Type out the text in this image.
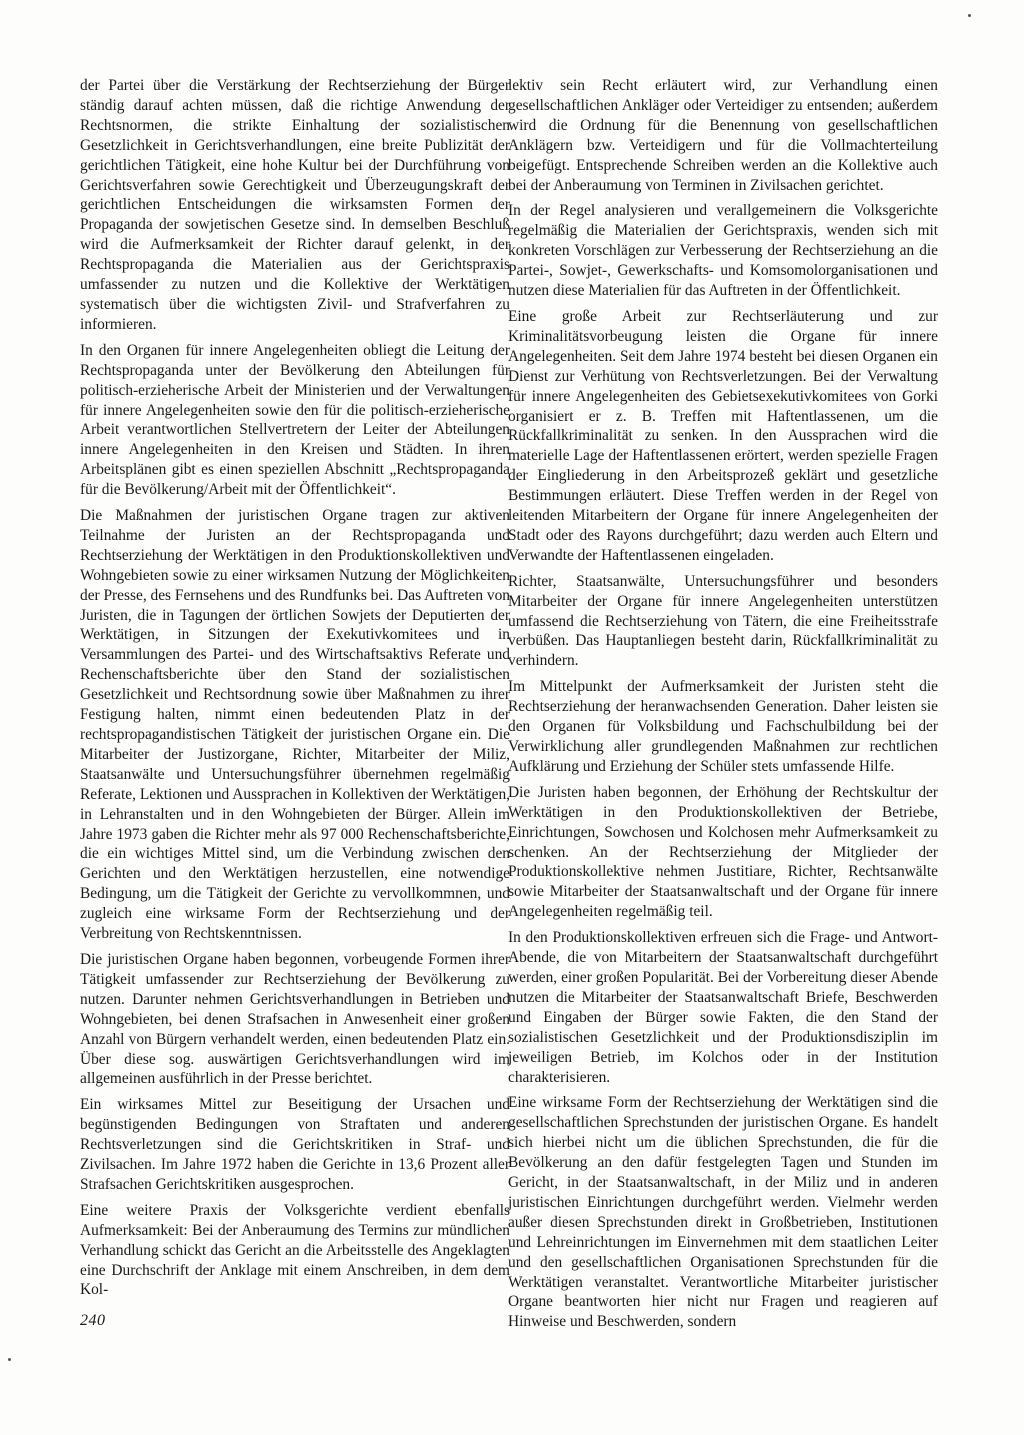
der Partei über die Verstärkung der Rechtserziehung der Bürger ständig darauf achten müssen, daß die richtige Anwendung der Rechtsnormen, die strikte Einhaltung der sozialistischen Gesetzlichkeit in Gerichtsverhandlungen, eine breite Publizität der gerichtlichen Tätigkeit, eine hohe Kultur bei der Durchführung von Gerichtsverfahren sowie Gerechtigkeit und Überzeugungskraft der gerichtlichen Entscheidungen die wirksamsten Formen der Propaganda der sowjetischen Gesetze sind. In demselben Beschluß wird die Aufmerksamkeit der Richter darauf gelenkt, in der Rechtspropaganda die Materialien aus der Gerichtspraxis umfassender zu nutzen und die Kollektive der Werktätigen systematisch über die wichtigsten Zivil- und Strafverfahren zu informieren.

In den Organen für innere Angelegenheiten obliegt die Leitung der Rechtspropaganda unter der Bevölkerung den Abteilungen für politisch-erzieherische Arbeit der Ministerien und der Verwaltungen für innere Angelegenheiten sowie den für die politisch-erzieherische Arbeit verantwortlichen Stellvertretern der Leiter der Abteilungen innere Angelegenheiten in den Kreisen und Städten. In ihren Arbeitsplänen gibt es einen speziellen Abschnitt „Rechtspropaganda für die Bevölkerung/Arbeit mit der Öffentlichkeit“.

Die Maßnahmen der juristischen Organe tragen zur aktiven Teilnahme der Juristen an der Rechtspropaganda und Rechtserziehung der Werktätigen in den Produktionskollektiven und Wohngebieten sowie zu einer wirksamen Nutzung der Möglichkeiten der Presse, des Fernsehens und des Rundfunks bei. Das Auftreten von Juristen, die in Tagungen der örtlichen Sowjets der Deputierten der Werktätigen, in Sitzungen der Exekutivkomitees und in Versammlungen des Partei- und des Wirtschaftsaktivs Referate und Rechenschaftsberichte über den Stand der sozialistischen Gesetzlichkeit und Rechtsordnung sowie über Maßnahmen zu ihrer Festigung halten, nimmt einen bedeutenden Platz in der rechtspropagandistischen Tätigkeit der juristischen Organe ein. Die Mitarbeiter der Justizorgane, Richter, Mitarbeiter der Miliz, Staatsanwälte und Untersuchungsführer übernehmen regelmäßig Referate, Lektionen und Aussprachen in Kollektiven der Werktätigen, in Lehranstalten und in den Wohngebieten der Bürger. Allein im Jahre 1973 gaben die Richter mehr als 97 000 Rechenschaftsberichte, die ein wichtiges Mittel sind, um die Verbindung zwischen den Gerichten und den Werktätigen herzustellen, eine notwendige Bedingung, um die Tätigkeit der Gerichte zu vervollkommnen, und zugleich eine wirksame Form der Rechtserziehung und der Verbreitung von Rechtskenntnissen.

Die juristischen Organe haben begonnen, vorbeugende Formen ihrer Tätigkeit umfassender zur Rechtserziehung der Bevölkerung zu nutzen. Darunter nehmen Gerichtsverhandlungen in Betrieben und Wohngebieten, bei denen Strafsachen in Anwesenheit einer großen Anzahl von Bürgern verhandelt werden, einen bedeutenden Platz ein. Über diese sog. auswärtigen Gerichtsverhandlungen wird im allgemeinen ausführlich in der Presse berichtet.

Ein wirksames Mittel zur Beseitigung der Ursachen und begünstigenden Bedingungen von Straftaten und anderen Rechtsverletzungen sind die Gerichtskritiken in Straf- und Zivilsachen. Im Jahre 1972 haben die Gerichte in 13,6 Prozent aller Strafsachen Gerichtskritiken ausgesprochen.

Eine weitere Praxis der Volksgerichte verdient ebenfalls Aufmerksamkeit: Bei der Anberaumung des Termins zur mündlichen Verhandlung schickt das Gericht an die Arbeitsstelle des Angeklagten eine Durchschrift der Anklage mit einem Anschreiben, in dem dem Kol-

lektiv sein Recht erläutert wird, zur Verhandlung einen gesellschaftlichen Ankläger oder Verteidiger zu entsenden; außerdem wird die Ordnung für die Benennung von gesellschaftlichen Anklägern bzw. Verteidigern und für die Vollmachterteilung beigefügt. Entsprechende Schreiben werden an die Kollektive auch bei der Anberaumung von Terminen in Zivilsachen gerichtet.

In der Regel analysieren und verallgemeinern die Volksgerichte regelmäßig die Materialien der Gerichtspraxis, wenden sich mit konkreten Vorschlägen zur Verbesserung der Rechtserziehung an die Partei-, Sowjet-, Gewerkschafts- und Komsomolorganisationen und nutzen diese Materialien für das Auftreten in der Öffentlichkeit.

Eine große Arbeit zur Rechtserläuterung und zur Kriminalitätsvorbeugung leisten die Organe für innere Angelegenheiten. Seit dem Jahre 1974 besteht bei diesen Organen ein Dienst zur Verhütung von Rechtsverletzungen. Bei der Verwaltung für innere Angelegenheiten des Gebietsexekutivkomitees von Gorki organisiert er z. B. Treffen mit Haftentlassenen, um die Rückfallkriminalität zu senken. In den Aussprachen wird die materielle Lage der Haftentlassenen erörtert, werden spezielle Fragen der Eingliederung in den Arbeitsprozeß geklärt und gesetzliche Bestimmungen erläutert. Diese Treffen werden in der Regel von leitenden Mitarbeitern der Organe für innere Angelegenheiten der Stadt oder des Rayons durchgeführt; dazu werden auch Eltern und Verwandte der Haftentlassenen eingeladen.

Richter, Staatsanwälte, Untersuchungsführer und besonders Mitarbeiter der Organe für innere Angelegenheiten unterstützen umfassend die Rechtserziehung von Tätern, die eine Freiheitsstrafe verbüßen. Das Hauptanliegen besteht darin, Rückfallkriminalität zu verhindern.

Im Mittelpunkt der Aufmerksamkeit der Juristen steht die Rechtserziehung der heranwachsenden Generation. Daher leisten sie den Organen für Volksbildung und Fachschulbildung bei der Verwirklichung aller grundlegenden Maßnahmen zur rechtlichen Aufklärung und Erziehung der Schüler stets umfassende Hilfe.

Die Juristen haben begonnen, der Erhöhung der Rechtskultur der Werktätigen in den Produktionskollektiven der Betriebe, Einrichtungen, Sowchosen und Kolchosen mehr Aufmerksamkeit zu schenken. An der Rechtserziehung der Mitglieder der Produktionskollektive nehmen Justitiare, Richter, Rechtsanwälte sowie Mitarbeiter der Staatsanwaltschaft und der Organe für innere Angelegenheiten regelmäßig teil.

In den Produktionskollektiven erfreuen sich die Frage- und Antwort-Abende, die von Mitarbeitern der Staatsanwaltschaft durchgeführt werden, einer großen Popularität. Bei der Vorbereitung dieser Abende nutzen die Mitarbeiter der Staatsanwaltschaft Briefe, Beschwerden und Eingaben der Bürger sowie Fakten, die den Stand der sozialistischen Gesetzlichkeit und der Produktionsdisziplin im jeweiligen Betrieb, im Kolchos oder in der Institution charakterisieren.

Eine wirksame Form der Rechtserziehung der Werktätigen sind die gesellschaftlichen Sprechstunden der juristischen Organe. Es handelt sich hierbei nicht um die üblichen Sprechstunden, die für die Bevölkerung an den dafür festgelegten Tagen und Stunden im Gericht, in der Staatsanwaltschaft, in der Miliz und in anderen juristischen Einrichtungen durchgeführt werden. Vielmehr werden außer diesen Sprechstunden direkt in Großbetrieben, Institutionen und Lehreinrichtungen im Einvernehmen mit dem staatlichen Leiter und den gesellschaftlichen Organisationen Sprechstunden für die Werktätigen veranstaltet. Verantwortliche Mitarbeiter juristischer Organe beantworten hier nicht nur Fragen und reagieren auf Hinweise und Beschwerden, sondern

240
